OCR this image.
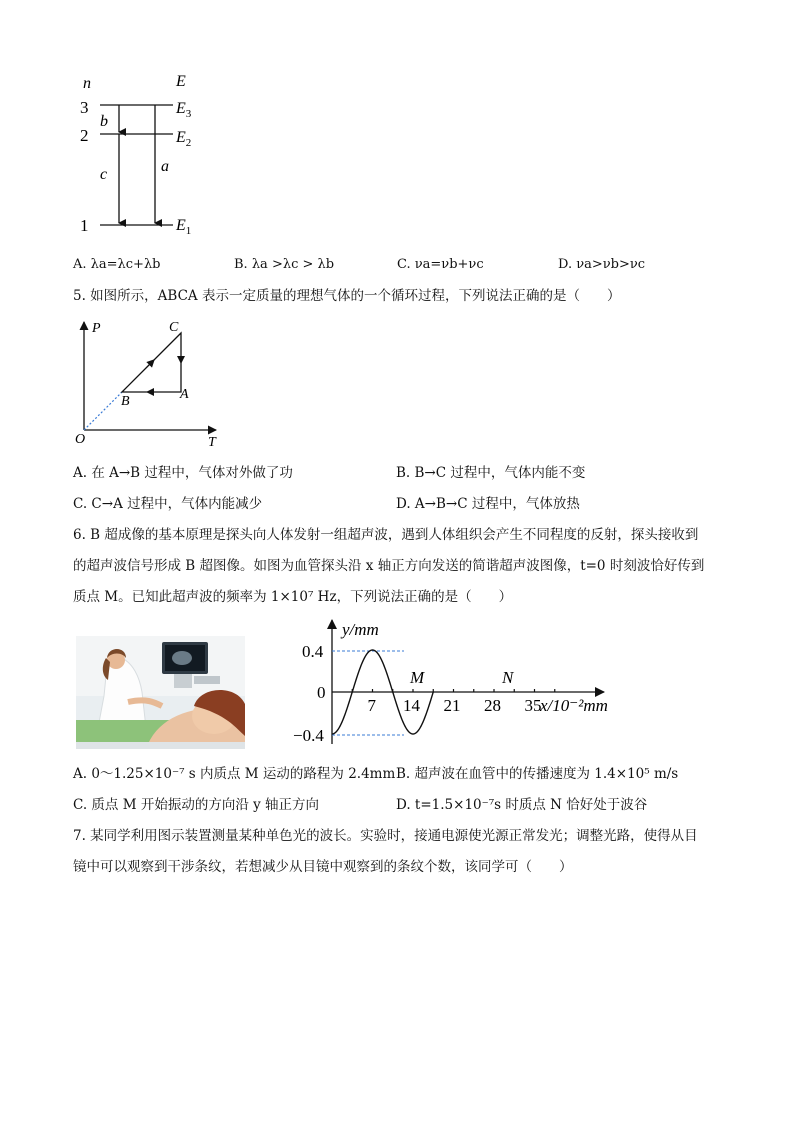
n	E
3
2
1
$E_3$
$E_2$
$E_1$
b
c	a
A. λa=λc+λb	B. λa >λc > λb	C. νa=νb+νc	D. νa>νb>νc
5. 如图所示，ABCA 表示一定质量的理想气体的一个循环过程，下列说法正确的是（　　）
P
T
O
C
A
B
A. 在 A→B 过程中，气体对外做了功	B. B→C 过程中，气体内能不变
C. C→A 过程中，气体内能减少	D. A→B→C 过程中，气体放热
6. B 超成像的基本原理是探头向人体发射一组超声波，遇到人体组织会产生不同程度的反射，探头接收到
的超声波信号形成 B 超图像。如图为血管探头沿 x 轴正方向发送的简谐超声波图像，t=0 时刻波恰好传到
质点 M。已知此超声波的频率为 1×10⁷ Hz，下列说法正确的是（　　）
y/mm
x/10⁻²mm
7 14 21 28 35
0.4
0
−0.4
M	N
A. 0～1.25×10⁻⁷ s 内质点 M 运动的路程为 2.4mm B. 超声波在血管中的传播速度为 1.4×10⁵ m/s
C. 质点 M 开始振动的方向沿 y 轴正方向	D. t=1.5×10⁻⁷s 时质点 N 恰好处于波谷
7. 某同学利用图示装置测量某种单色光的波长。实验时，接通电源使光源正常发光；调整光路，使得从目
镜中可以观察到干涉条纹，若想减少从目镜中观察到的条纹个数，该同学可（　　）
